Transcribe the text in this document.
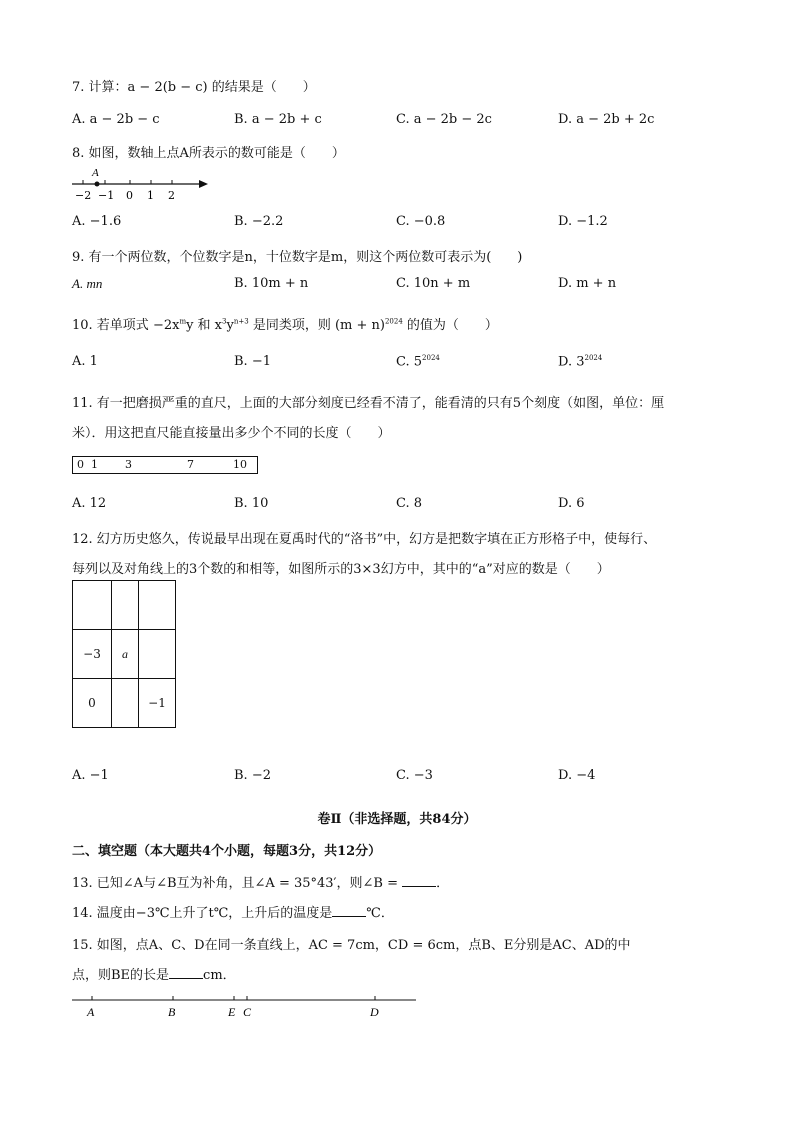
7. 计算：a − 2(b − c) 的结果是（　　）
A. a − 2b − c	B. a − 2b + c	C. a − 2b − 2c	D. a − 2b + 2c
8. 如图，数轴上点A所表示的数可能是（　　）
A
−2 −1 0 1 2
A. −1.6	B. −2.2	C. −0.8	D. −1.2
9. 有一个两位数，个位数字是n，十位数字是m，则这个两位数可表示为(　　)
A. mn	B. 10m + n	C. 10n + m	D. m + n
10. 若单项式 $-2x^my$ 和 $x^3y^{n+3}$ 是同类项，则 $(m + n)^{2024}$ 的值为（　　）
A. 1	B. −1	C. $5^{2024}$	D. $3^{2024}$
11. 有一把磨损严重的直尺，上面的大部分刻度已经看不清了，能看清的只有5个刻度（如图，单位：厘
米）．用这把直尺能直接量出多少个不同的长度（　　）
0 1 3	7	10
A. 12	B. 10	C. 8	D. 6
12. 幻方历史悠久，传说最早出现在夏禹时代的“洛书”中，幻方是把数字填在正方形格子中，使每行、
每列以及对角线上的3个数的和相等，如图所示的3×3幻方中，其中的“a”对应的数是（　　）

−3	a	
0		−1
A. −1	B. −2	C. −3	D. −4
卷Ⅱ（非选择题，共84分）
二、填空题（本大题共4个小题，每题3分，共12分）
13. 已知∠A与∠B互为补角，且∠A = 35°43′，则∠B =	．
14. 温度由−3℃上升了t℃，上升后的温度是	℃．
15. 如图，点A、C、D在同一条直线上，AC = 7cm，CD = 6cm，点B、E分别是AC、AD的中
点，则BE的长是	cm．
A	B	E C	D
